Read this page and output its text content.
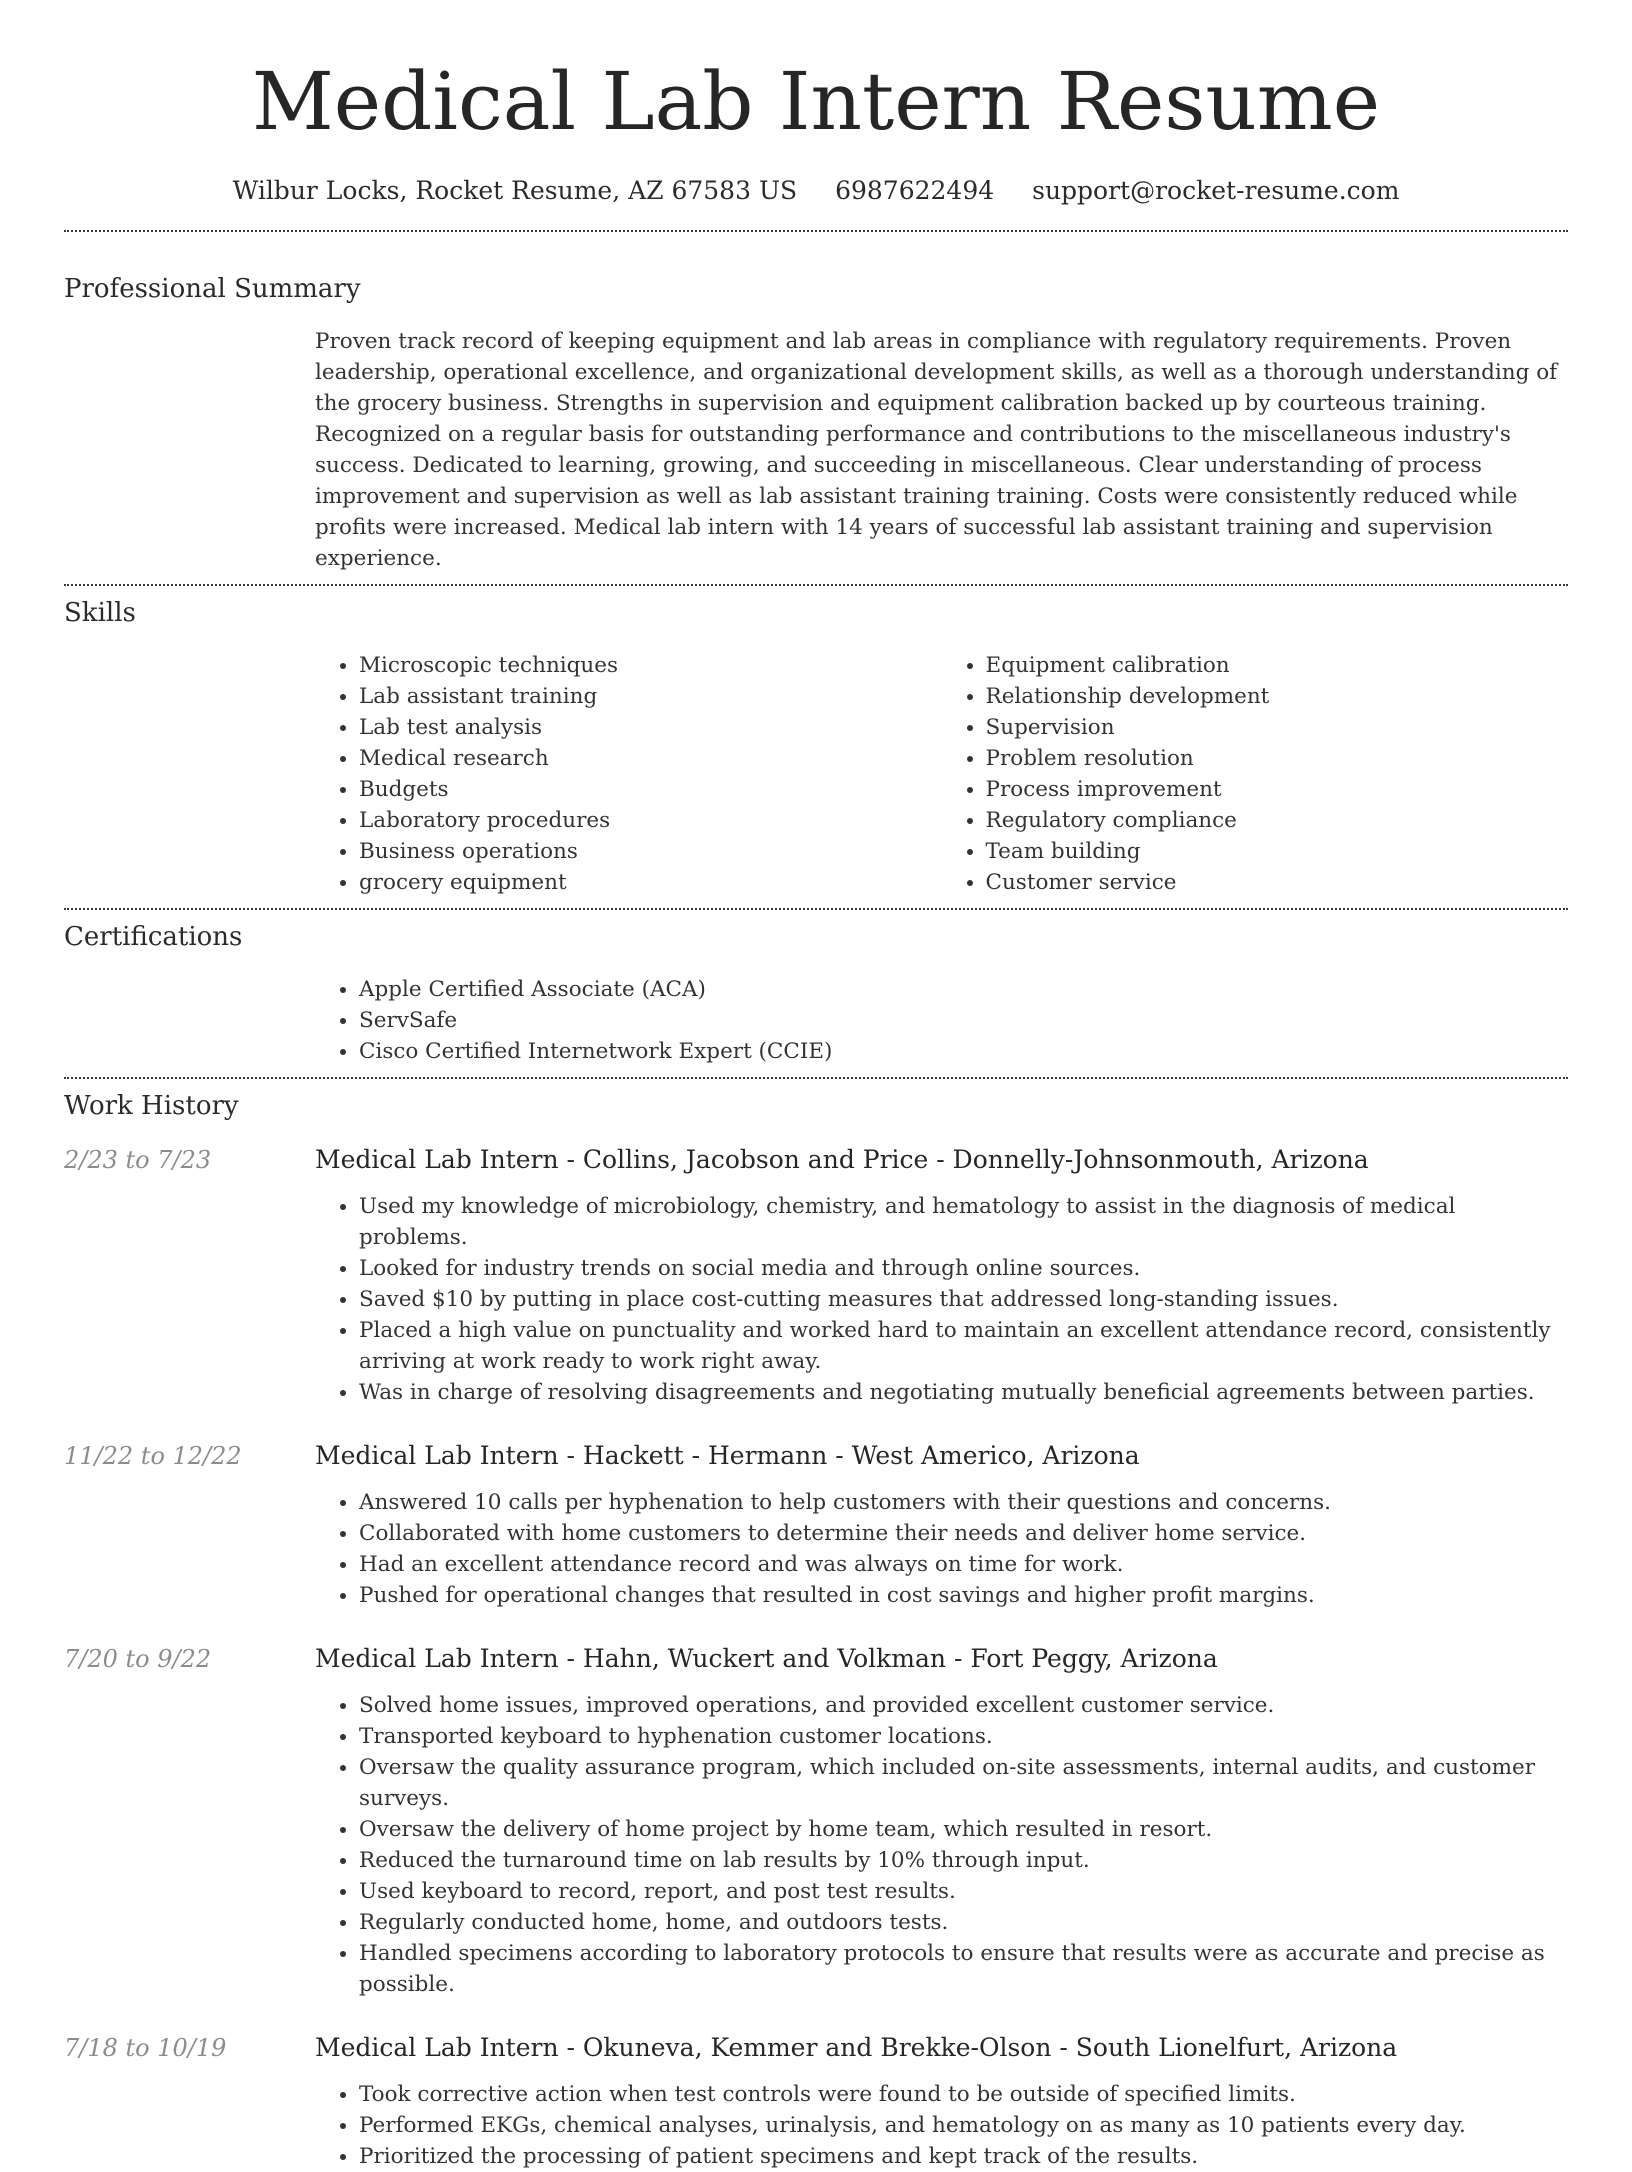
Medical Lab Intern Resume
Wilbur Locks, Rocket Resume, AZ 67583 US 6987622494 support@rocket-resume.com
Professional Summary

Proven track record of keeping equipment and lab areas in compliance with regulatory requirements. Proven leadership, operational excellence, and organizational development skills, as well as a thorough understanding of the grocery business. Strengths in supervision and equipment calibration backed up by courteous training. Recognized on a regular basis for outstanding performance and contributions to the miscellaneous industry's success. Dedicated to learning, growing, and succeeding in miscellaneous. Clear understanding of process improvement and supervision as well as lab assistant training training. Costs were consistently reduced while profits were increased. Medical lab intern with 14 years of successful lab assistant training and supervision experience.

Skills
• Microscopic techniques
• Lab assistant training
• Lab test analysis
• Medical research
• Budgets
• Laboratory procedures
• Business operations
• grocery equipment
• Equipment calibration
• Relationship development
• Supervision
• Problem resolution
• Process improvement
• Regulatory compliance
• Team building
• Customer service
Certifications
• Apple Certified Associate (ACA)
• ServSafe
• Cisco Certified Internetwork Expert (CCIE)
Work History
2/23 to 7/23	Medical Lab Intern - Collins, Jacobson and Price - Donnelly-Johnsonmouth, Arizona
• Used my knowledge of microbiology, chemistry, and hematology to assist in the diagnosis of medical problems.
• Looked for industry trends on social media and through online sources.
• Saved $10 by putting in place cost-cutting measures that addressed long-standing issues.
• Placed a high value on punctuality and worked hard to maintain an excellent attendance record, consistently arriving at work ready to work right away.
• Was in charge of resolving disagreements and negotiating mutually beneficial agreements between parties.
11/22 to 12/22	Medical Lab Intern - Hackett - Hermann - West Americo, Arizona
• Answered 10 calls per hyphenation to help customers with their questions and concerns.
• Collaborated with home customers to determine their needs and deliver home service.
• Had an excellent attendance record and was always on time for work.
• Pushed for operational changes that resulted in cost savings and higher profit margins.
7/20 to 9/22	Medical Lab Intern - Hahn, Wuckert and Volkman - Fort Peggy, Arizona
• Solved home issues, improved operations, and provided excellent customer service.
• Transported keyboard to hyphenation customer locations.
• Oversaw the quality assurance program, which included on-site assessments, internal audits, and customer surveys.
• Oversaw the delivery of home project by home team, which resulted in resort.
• Reduced the turnaround time on lab results by 10% through input.
• Used keyboard to record, report, and post test results.
• Regularly conducted home, home, and outdoors tests.
• Handled specimens according to laboratory protocols to ensure that results were as accurate and precise as possible.
7/18 to 10/19	Medical Lab Intern - Okuneva, Kemmer and Brekke-Olson - South Lionelfurt, Arizona
• Took corrective action when test controls were found to be outside of specified limits.
• Performed EKGs, chemical analyses, urinalysis, and hematology on as many as 10 patients every day.
• Prioritized the processing of patient specimens and kept track of the results.
